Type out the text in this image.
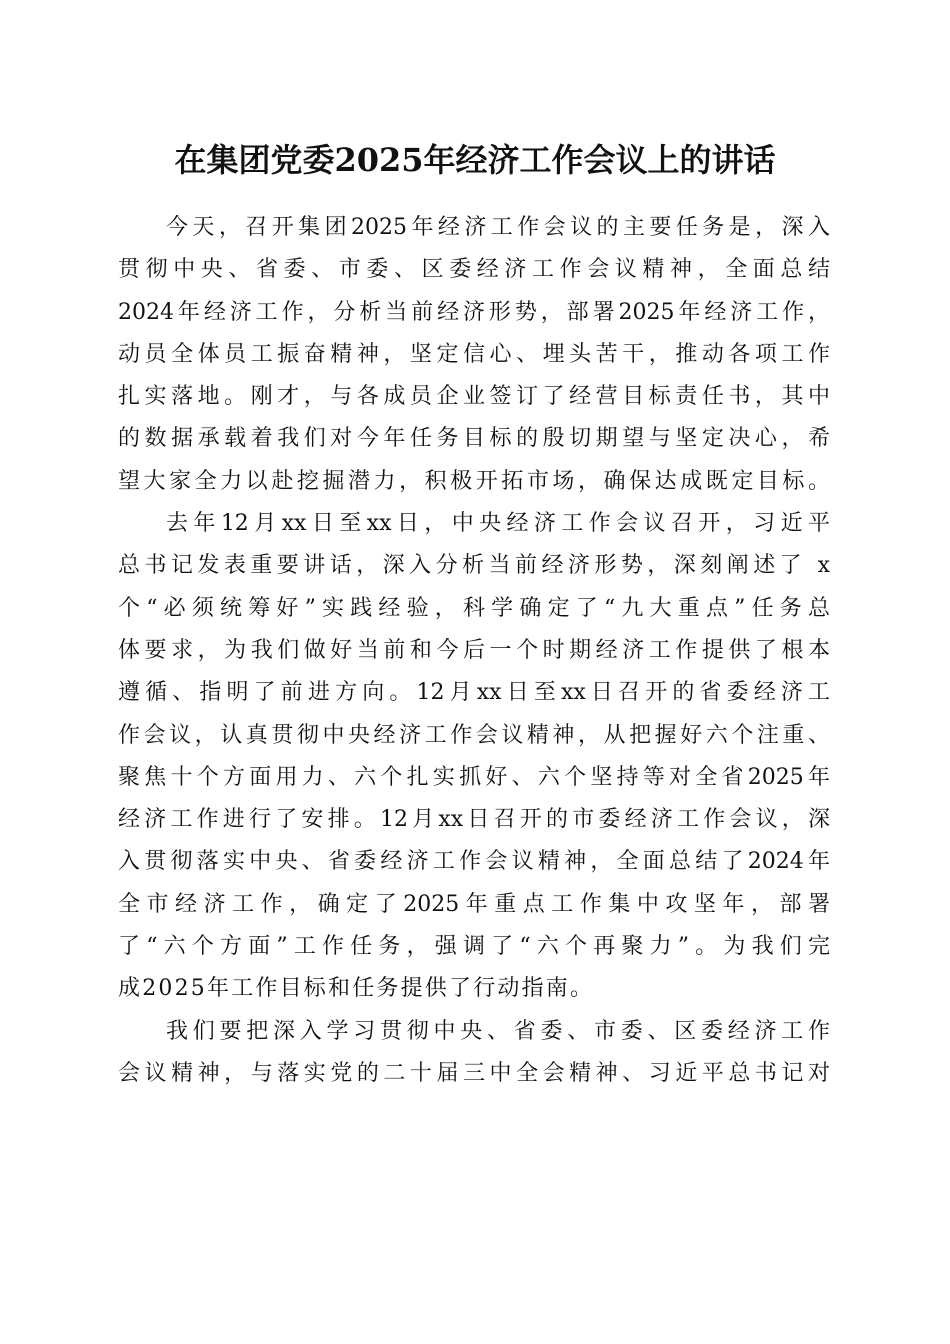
在集团党委2025年经济工作会议上的讲话
今天，召开集团2025年经济工作会议的主要任务是，深入
贯彻中央、省委、市委、区委经济工作会议精神，全面总结
2024年经济工作，分析当前经济形势，部署2025年经济工作，
动员全体员工振奋精神，坚定信心、埋头苦干，推动各项工作
扎实落地。刚才，与各成员企业签订了经营目标责任书，其中
的数据承载着我们对今年任务目标的殷切期望与坚定决心，希
望大家全力以赴挖掘潜力，积极开拓市场，确保达成既定目标。
去年12月xx日至xx日，中央经济工作会议召开，习近平
总书记发表重要讲话，深入分析当前经济形势，深刻阐述了 x
个“必须统筹好”实践经验，科学确定了“九大重点”任务总
体要求，为我们做好当前和今后一个时期经济工作提供了根本
遵循、指明了前进方向。12月xx日至xx日召开的省委经济工
作会议，认真贯彻中央经济工作会议精神，从把握好六个注重、
聚焦十个方面用力、六个扎实抓好、六个坚持等对全省2025年
经济工作进行了安排。12月xx日召开的市委经济工作会议，深
入贯彻落实中央、省委经济工作会议精神，全面总结了2024年
全市经济工作，确定了2025年重点工作集中攻坚年，部署
了“六个方面”工作任务，强调了“六个再聚力”。为我们完
成2025年工作目标和任务提供了行动指南。
我们要把深入学习贯彻中央、省委、市委、区委经济工作
会议精神，与落实党的二十届三中全会精神、习近平总书记对
